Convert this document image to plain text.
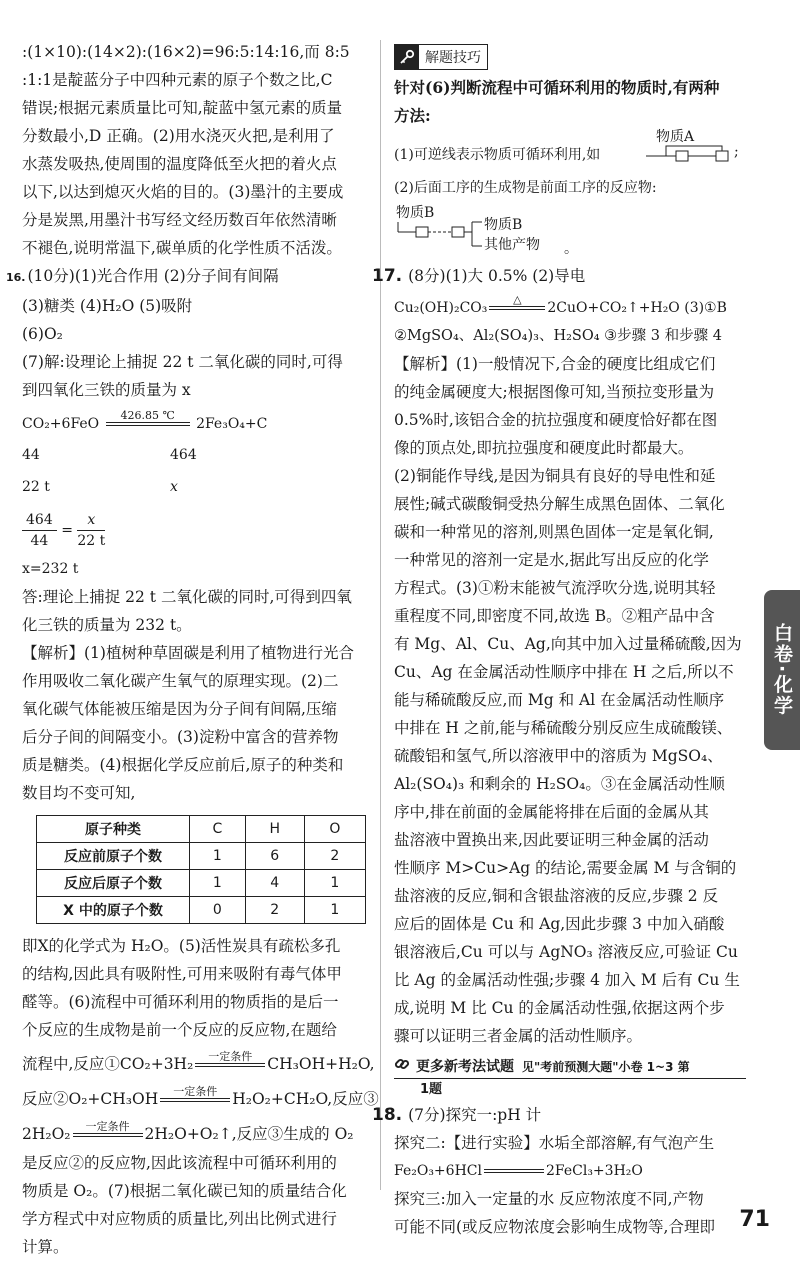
:(1×10):(14×2):(16×2)=96:5:14:16,而 8:5

:1:1是靛蓝分子中四种元素的原子个数之比,C

错误;根据元素质量比可知,靛蓝中氢元素的质量

分数最小,D 正确。(2)用水浇灭火把,是利用了

水蒸发吸热,使周围的温度降低至火把的着火点

以下,以达到熄灭火焰的目的。(3)墨汁的主要成

分是炭黑,用墨汁书写经文经历数百年依然清晰

不褪色,说明常温下,碳单质的化学性质不活泼。

16. (10分)(1)光合作用 (2)分子间有间隔

(3)糖类 (4)H₂O (5)吸附

(6)O₂

(7)解:设理论上捕捉 22 t 二氧化碳的同时,可得

到四氧化三铁的质量为 x

CO₂+6FeO
426.85 ℃

2Fe₃O₄+C
44	464
22 t	x
$\frac{464}{44} = \frac{x}{22 t}$

x=232 t

答:理论上捕捉 22 t 二氧化碳的同时,可得到四氧

化三铁的质量为 232 t。

【解析】(1)植树种草固碳是利用了植物进行光合

作用吸收二氧化碳产生氧气的原理实现。(2)二

氧化碳气体能被压缩是因为分子间有间隔,压缩

后分子间的间隔变小。(3)淀粉中富含的营养物

质是糖类。(4)根据化学反应前后,原子的种类和

数目均不变可知,

原子种类	C	H	O
反应前原子个数	1	6	2
反应后原子个数	1	4	1
X 中的原子个数	0	2	1

即X的化学式为 H₂O。(5)活性炭具有疏松多孔

的结构,因此具有吸附性,可用来吸附有毒气体甲

醛等。(6)流程中可循环利用的物质指的是后一

个反应的生成物是前一个反应的反应物,在题给

流程中,反应①CO₂+3H₂	一定条件
CH₃OH+H₂O,

反应②O₂+CH₃OH	一定条件
H₂O₂+CH₂O,反应③

2H₂O₂	一定条件
2H₂O+O₂↑,反应③生成的 O₂

是反应②的反应物,因此该流程中可循环利用的

物质是 O₂。(7)根据二氧化碳已知的质量结合化

学方程式中对应物质的质量比,列出比例式进行

计算。

解题技巧

针对(6)判断流程中可循环利用的物质时,有两种

方法:

(1)可逆线表示物质可循环利用,如
物质A
;

(2)后面工序的生成物是前面工序的反应物:

物质B
物质B
其他产物 。

17. (8分)(1)大 0.5% (2)导电

Cu₂(OH)₂CO₃
△

2CuO+CO₂↑+H₂O (3)①B

②MgSO₄、Al₂(SO₄)₃、H₂SO₄ ③步骤 3 和步骤 4

【解析】(1)一般情况下,合金的硬度比组成它们

的纯金属硬度大;根据图像可知,当预拉变形量为

0.5%时,该铝合金的抗拉强度和硬度恰好都在图

像的顶点处,即抗拉强度和硬度此时都最大。

(2)铜能作导线,是因为铜具有良好的导电性和延

展性;碱式碳酸铜受热分解生成黑色固体、二氧化

碳和一种常见的溶剂,则黑色固体一定是氧化铜,

一种常见的溶剂一定是水,据此写出反应的化学

方程式。(3)①粉末能被气流浮吹分选,说明其轻

重程度不同,即密度不同,故选 B。②粗产品中含

有 Mg、Al、Cu、Ag,向其中加入过量稀硫酸,因为

Cu、Ag 在金属活动性顺序中排在 H 之后,所以不

能与稀硫酸反应,而 Mg 和 Al 在金属活动性顺序

中排在 H 之前,能与稀硫酸分别反应生成硫酸镁、

硫酸铝和氢气,所以溶液甲中的溶质为 MgSO₄、

Al₂(SO₄)₃ 和剩余的 H₂SO₄。③在金属活动性顺

序中,排在前面的金属能将排在后面的金属从其

盐溶液中置换出来,因此要证明三种金属的活动

性顺序 M>Cu>Ag 的结论,需要金属 M 与含铜的

盐溶液的反应,铜和含银盐溶液的反应,步骤 2 反

应后的固体是 Cu 和 Ag,因此步骤 3 中加入硝酸

银溶液后,Cu 可以与 AgNO₃ 溶液反应,可验证 Cu

比 Ag 的金属活动性强;步骤 4 加入 M 后有 Cu 生

成,说明 M 比 Cu 的金属活动性强,依据这两个步

骤可以证明三者金属的活动性顺序。

更多新考法试题 见"考前预测大题"小卷 1~3 第

1题

18. (7分)探究一:pH 计

探究二:【进行实验】水垢全部溶解,有气泡产生

Fe₂O₃+6HCl	2FeCl₃+3H₂O

探究三:加入一定量的水 反应物浓度不同,产物

可能不同(或反应物浓度会影响生成物等,合理即

白卷·化学
71
